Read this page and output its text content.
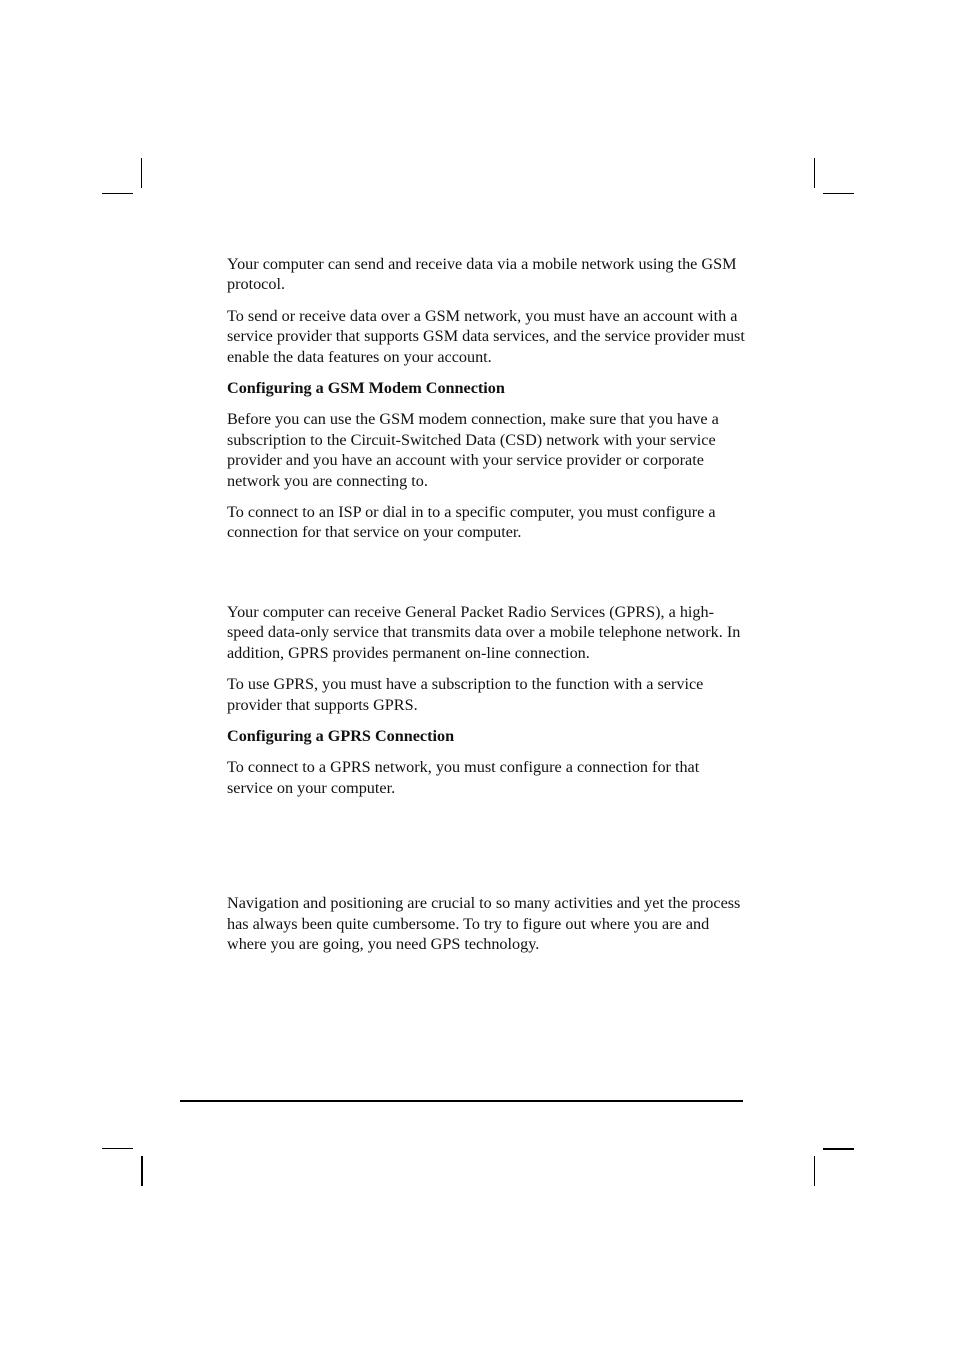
Your computer can send and receive data via a mobile network using the GSM protocol.

To send or receive data over a GSM network, you must have an account with a service provider that supports GSM data services, and the service provider must enable the data features on your account.

Configuring a GSM Modem Connection

Before you can use the GSM modem connection, make sure that you have a subscription to the Circuit-Switched Data (CSD) network with your service provider and you have an account with your service provider or corporate network you are connecting to.

To connect to an ISP or dial in to a specific computer, you must configure a connection for that service on your computer.

Your computer can receive General Packet Radio Services (GPRS), a high-speed data-only service that transmits data over a mobile telephone network. In addition, GPRS provides permanent on-line connection.

To use GPRS, you must have a subscription to the function with a service provider that supports GPRS.

Configuring a GPRS Connection

To connect to a GPRS network, you must configure a connection for that service on your computer.

Navigation and positioning are crucial to so many activities and yet the process has always been quite cumbersome. To try to figure out where you are and where you are going, you need GPS technology.
